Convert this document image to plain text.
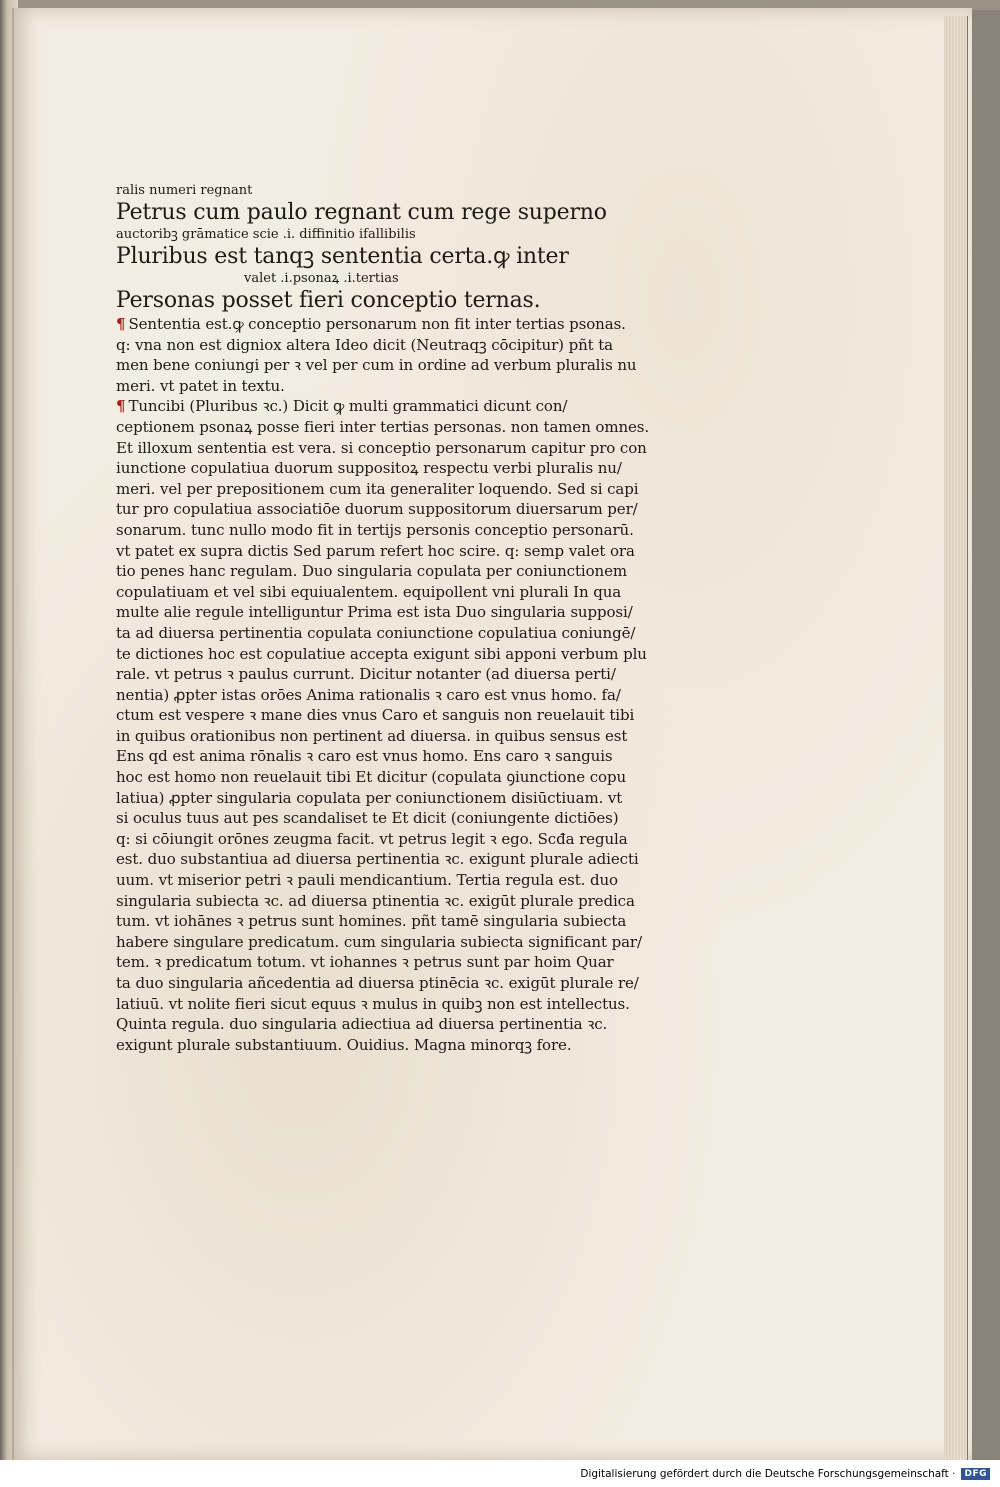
ralis numeri regnant
Petrus cum paulo regnant cum rege superno
auctoribꝫ grāmatice scie .i. diffinitio ifallibilis
Pluribus est tanqꝫ sententia certa.ꝙ inter
valet .i.psonaꝝ .i.tertias
Personas posset fieri conceptio ternas.
¶ Sententia est.ꝙ conceptio personarum non fit inter tertias psonas.
q: vna non est digniox altera Ideo dicit (Neutraqꝫ cōcipitur) pñt ta
men bene coniungi per ꝛ vel per cum in ordine ad verbum pluralis nu
meri. vt patet in textu.
¶ Tuncibi (Pluribus ꝛc.) Dicit ꝙ multi grammatici dicunt con/
ceptionem psonaꝝ posse fieri inter tertias personas. non tamen omnes.
Et illoxum sententia est vera. si conceptio personarum capitur pro con
iunctione copulatiua duorum suppositoꝝ respectu verbi pluralis nu/
meri. vel per prepositionem cum ita generaliter loquendo. Sed si capi
tur pro copulatiua associatiōe duorum suppositorum diuersarum per/
sonarum. tunc nullo modo fit in tertijs personis conceptio personarū.
vt patet ex supra dictis Sed parum refert hoc scire. q: semp valet ora
tio penes hanc regulam. Duo singularia copulata per coniunctionem
copulatiuam et vel sibi equiualentem. equipollent vni plurali In qua
multe alie regule intelliguntur Prima est ista Duo singularia supposi/
ta ad diuersa pertinentia copulata coniunctione copulatiua coniungē/
te dictiones hoc est copulatiue accepta exigunt sibi apponi verbum plu
rale. vt petrus ꝛ paulus currunt. Dicitur notanter (ad diuersa perti/
nentia) ꝓpter istas orōes Anima rationalis ꝛ caro est vnus homo. fa/
ctum est vespere ꝛ mane dies vnus Caro et sanguis non reuelauit tibi
in quibus orationibus non pertinent ad diuersa. in quibus sensus est
Ens qd est anima rōnalis ꝛ caro est vnus homo. Ens caro ꝛ sanguis
hoc est homo non reuelauit tibi Et dicitur (copulata ꝯiunctione copu
latiua) ꝓpter singularia copulata per coniunctionem disiūctiuam. vt
si oculus tuus aut pes scandaliset te Et dicit (coniungente dictiōes)
q: si cōiungit orōnes zeugma facit. vt petrus legit ꝛ ego. Scđa regula
est. duo substantiua ad diuersa pertinentia ꝛc. exigunt plurale adiecti
uum. vt miserior petri ꝛ pauli mendicantium. Tertia regula est. duo
singularia subiecta ꝛc. ad diuersa ptinentia ꝛc. exigūt plurale predica
tum. vt iohānes ꝛ petrus sunt homines. pñt tamē singularia subiecta
habere singulare predicatum. cum singularia subiecta significant par/
tem. ꝛ predicatum totum. vt iohannes ꝛ petrus sunt par hoim Quar
ta duo singularia añcedentia ad diuersa ptinēcia ꝛc. exigūt plurale re/
latiuū. vt nolite fieri sicut equus ꝛ mulus in quibꝫ non est intellectus.
Quinta regula. duo singularia adiectiua ad diuersa pertinentia ꝛc.
exigunt plurale substantiuum. Ouidius. Magna minorqꝫ fore.
Digitalisierung gefördert durch die Deutsche Forschungsgemeinschaft ·	DFG
